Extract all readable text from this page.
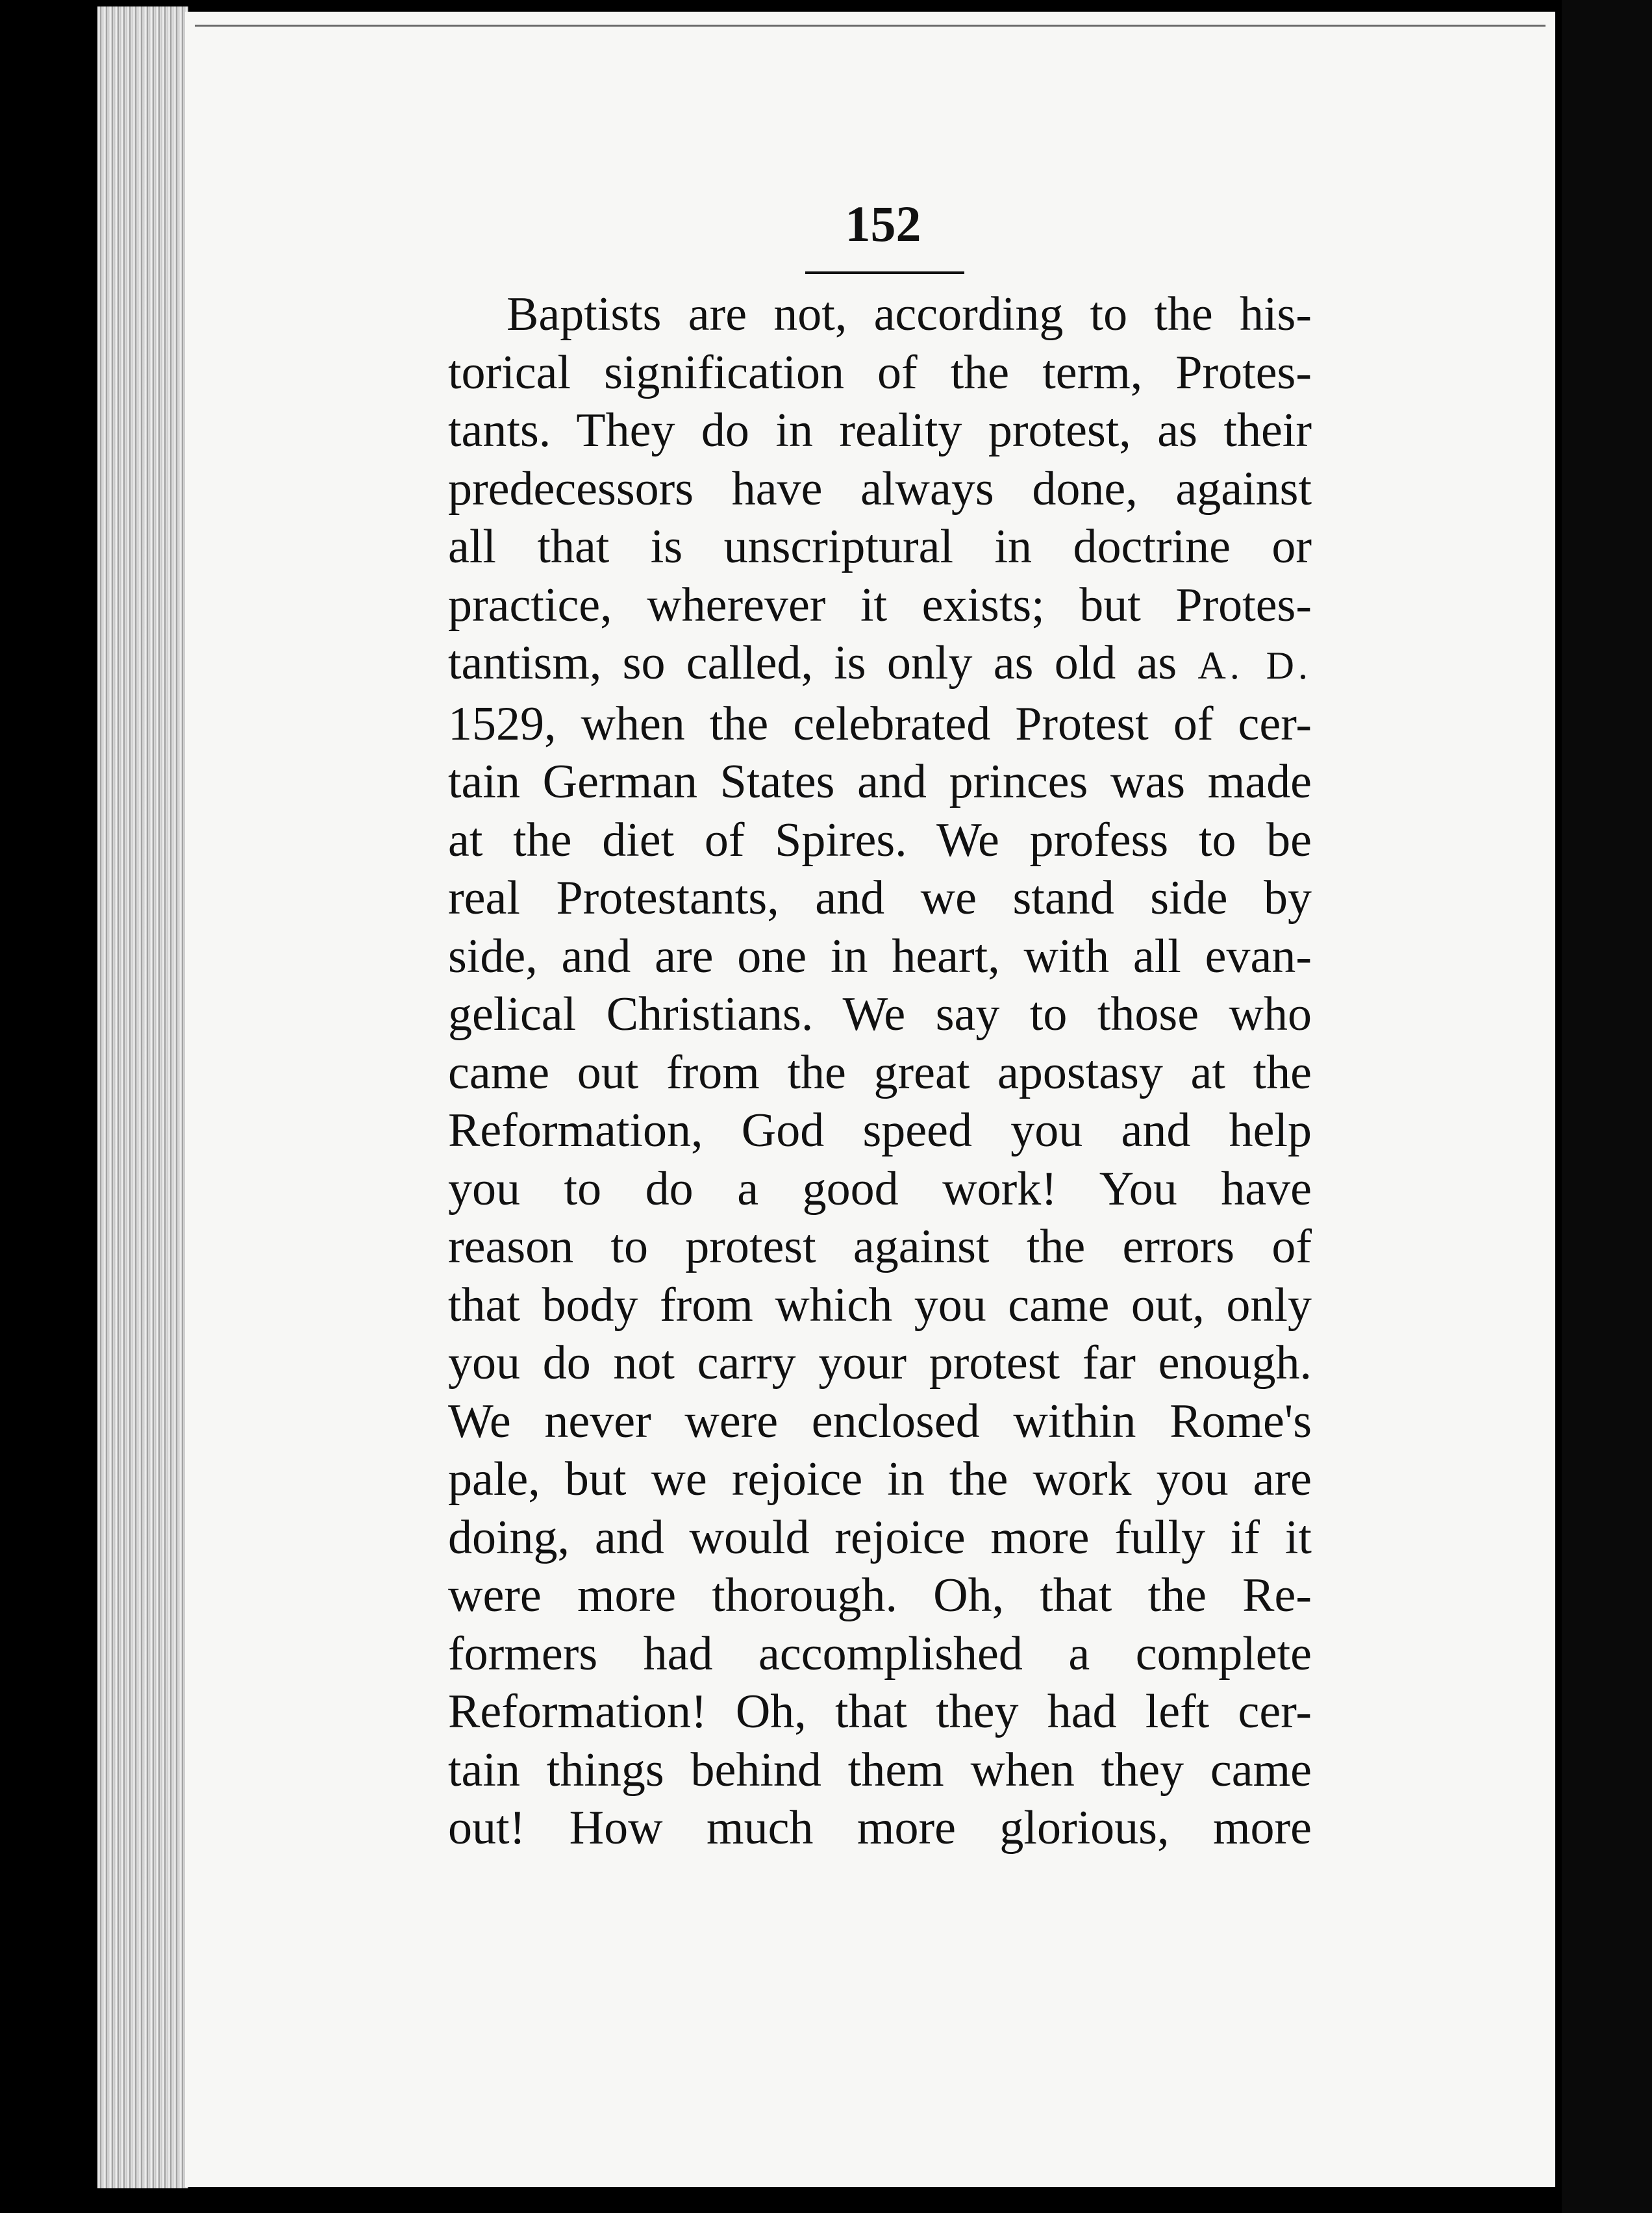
152
Baptists are not, according to the his-
torical signification of the term, Protes-
tants. They do in reality protest, as their
predecessors have always done, against
all that is unscriptural in doctrine or
practice, wherever it exists; but Protes-
tantism, so called, is only as old as A. D.
1529, when the celebrated Protest of cer-
tain German States and princes was made
at the diet of Spires. We profess to be
real Protestants, and we stand side by
side, and are one in heart, with all evan-
gelical Christians. We say to those who
came out from the great apostasy at the
Reformation, God speed you and help
you to do a good work! You have
reason to protest against the errors of
that body from which you came out, only
you do not carry your protest far enough.
We never were enclosed within Rome's
pale, but we rejoice in the work you are
doing, and would rejoice more fully if it
were more thorough. Oh, that the Re-
formers had accomplished a complete
Reformation! Oh, that they had left cer-
tain things behind them when they came
out! How much more glorious, more
